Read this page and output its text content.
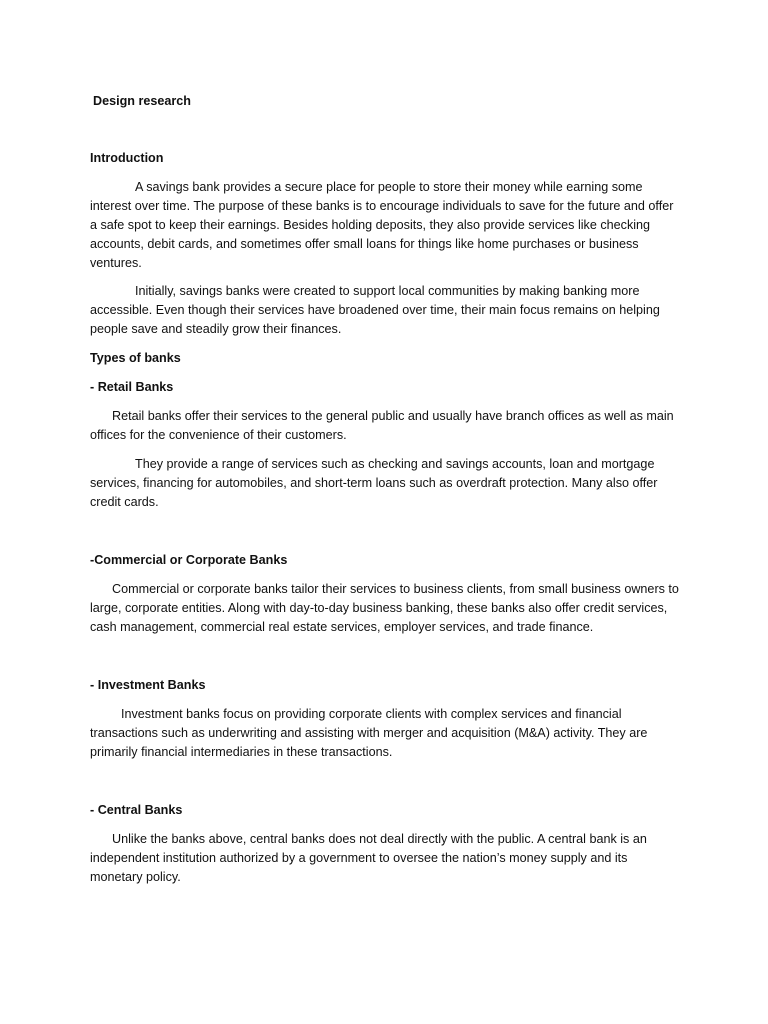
Design research
Introduction

A savings bank provides a secure place for people to store their money while earning some interest over time. The purpose of these banks is to encourage individuals to save for the future and offer a safe spot to keep their earnings. Besides holding deposits, they also provide services like checking accounts, debit cards, and sometimes offer small loans for things like home purchases or business ventures.

Initially, savings banks were created to support local communities by making banking more accessible. Even though their services have broadened over time, their main focus remains on helping people save and steadily grow their finances.

Types of banks
- Retail Banks

Retail banks offer their services to the general public and usually have branch offices as well as main offices for the convenience of their customers.

They provide a range of services such as checking and savings accounts, loan and mortgage services, financing for automobiles, and short-term loans such as overdraft protection. Many also offer credit cards.

-Commercial or Corporate Banks

Commercial or corporate banks tailor their services to business clients, from small business owners to large, corporate entities. Along with day-to-day business banking, these banks also offer credit services, cash management, commercial real estate services, employer services, and trade finance.

- Investment Banks

Investment banks focus on providing corporate clients with complex services and financial transactions such as underwriting and assisting with merger and acquisition (M&A) activity. They are primarily financial intermediaries in these transactions.

- Central Banks

Unlike the banks above, central banks does not deal directly with the public. A central bank is an independent institution authorized by a government to oversee the nation’s money supply and its monetary policy.
